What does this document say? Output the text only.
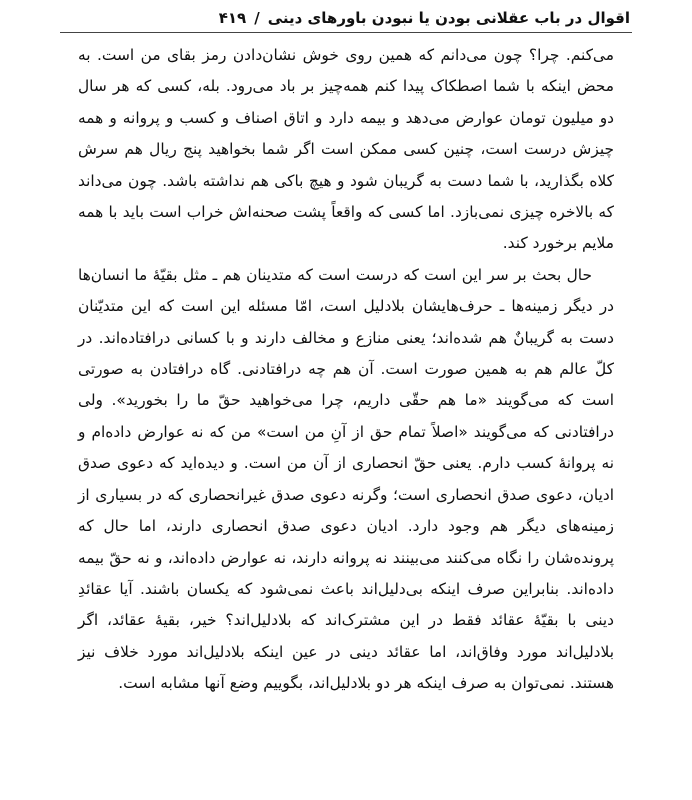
اقوال در باب عقلانی بودن یا نبودن باورهای دینی
/
۴۱۹

می‌کنم. چرا؟ چون می‌دانم که همین روی خوش نشان‌دادن رمز بقای من است. به محض اینکه با شما اصطکاک پیدا کنم همه‌چیز بر باد می‌رود. بله، کسی که هر سال دو میلیون تومان عوارض می‌دهد و بیمه دارد و اتاق اصناف و کسب و پروانه و همه چیزش درست است، چنین کسی ممکن است اگر شما بخواهید پنج ریال هم سرش کلاه بگذارید، با شما دست به گریبان شود و هیچ باکی هم نداشته باشد. چون می‌داند که بالاخره چیزی نمی‌بازد. اما کسی که واقعاً پشت صحنه‌اش خراب است باید با همه ملایم برخورد کند.

حال بحث بر سر این است که درست است که متدینان هم ـ مثل بقیّهٔ ما انسان‌ها در دیگر زمینه‌ها ـ حرف‌هایشان بلادلیل است، امّا مسئله این است که این متدیّنان دست به گریبانٌ هم شده‌اند؛ یعنی منازع و مخالف دارند و با کسانی درافتاده‌اند. در کلّ عالم هم به همین صورت است. آن هم چه درافتادنی. گاه درافتادن به صورتی است که می‌گویند «ما هم حقّی داریم، چرا می‌خواهید حقّ ما را بخورید». ولی درافتادنی که می‌گویند «اصلاً تمام حق از آنِ من است» من که نه عوارض داده‌ام و نه پروانهٔ کسب دارم. یعنی حقّ انحصاری از آن من است. و دیده‌اید که دعوی صدق ادیان، دعوی صدق انحصاری است؛ وگرنه دعوی صدق غیرانحصاری که در بسیاری از زمینه‌های دیگر هم وجود دارد. ادیان دعوی صدق انحصاری دارند، اما حال که پرونده‌شان را نگاه می‌کنند می‌بینند نه پروانه دارند، نه عوارض داده‌اند، و نه حقّ بیمه داده‌اند. بنابراین صرف اینکه بی‌دلیل‌اند باعث نمی‌شود که یکسان باشند. آیا عقائدِ دینی با بقیّهٔ عقائد فقط در این مشترک‌اند که بلادلیل‌اند؟ خیر، بقیهٔ عقائد، اگر بلادلیل‌اند مورد وفاق‌اند، اما عقائد دینی در عین اینکه بلادلیل‌اند مورد خلاف نیز هستند. نمی‌توان به صرف اینکه هر دو بلادلیل‌اند، بگوییم وضع آنها مشابه است.
